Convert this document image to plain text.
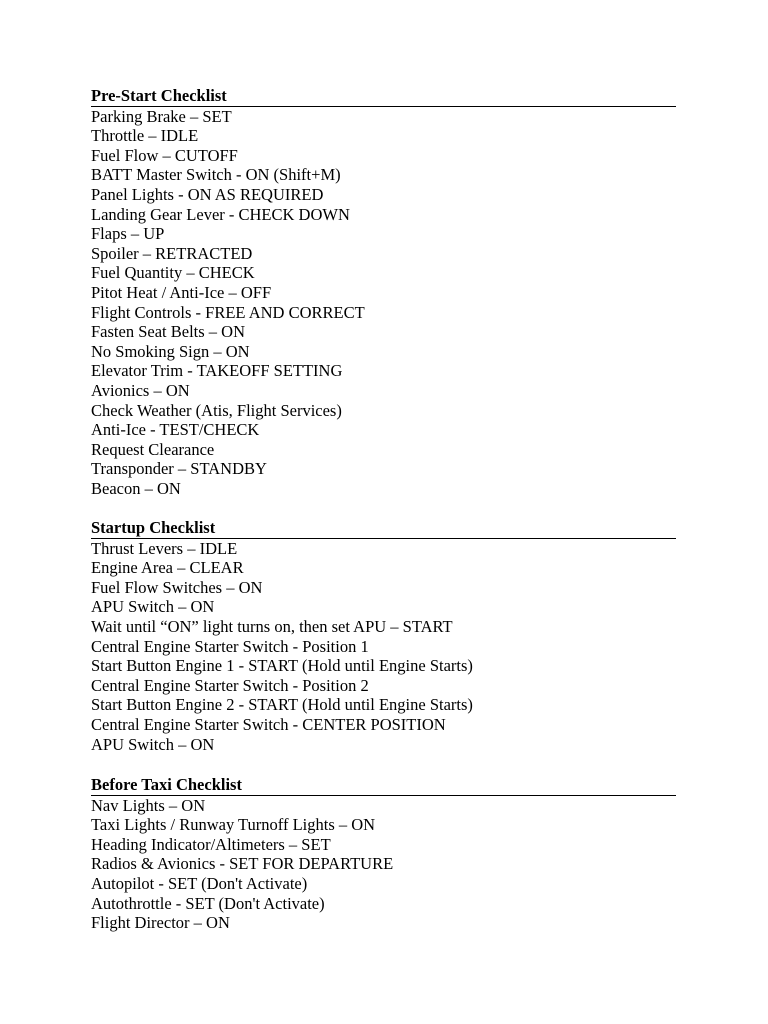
Pre-Start Checklist
Parking Brake – SET
Throttle – IDLE
Fuel Flow – CUTOFF
BATT Master Switch - ON (Shift+M)
Panel Lights - ON AS REQUIRED
Landing Gear Lever - CHECK DOWN
Flaps – UP
Spoiler – RETRACTED
Fuel Quantity – CHECK
Pitot Heat / Anti-Ice – OFF
Flight Controls - FREE AND CORRECT
Fasten Seat Belts – ON
No Smoking Sign – ON
Elevator Trim - TAKEOFF SETTING
Avionics – ON
Check Weather (Atis, Flight Services)
Anti-Ice - TEST/CHECK
Request Clearance
Transponder – STANDBY
Beacon – ON
Startup Checklist
Thrust Levers – IDLE
Engine Area – CLEAR
Fuel Flow Switches – ON
APU Switch – ON
Wait until “ON” light turns on, then set APU – START
Central Engine Starter Switch - Position 1
Start Button Engine 1 - START (Hold until Engine Starts)
Central Engine Starter Switch - Position 2
Start Button Engine 2 - START (Hold until Engine Starts)
Central Engine Starter Switch - CENTER POSITION
APU Switch – ON
Before Taxi Checklist
Nav Lights – ON
Taxi Lights / Runway Turnoff Lights – ON
Heading Indicator/Altimeters – SET
Radios & Avionics - SET FOR DEPARTURE
Autopilot - SET (Don't Activate)
Autothrottle - SET (Don't Activate)
Flight Director – ON
